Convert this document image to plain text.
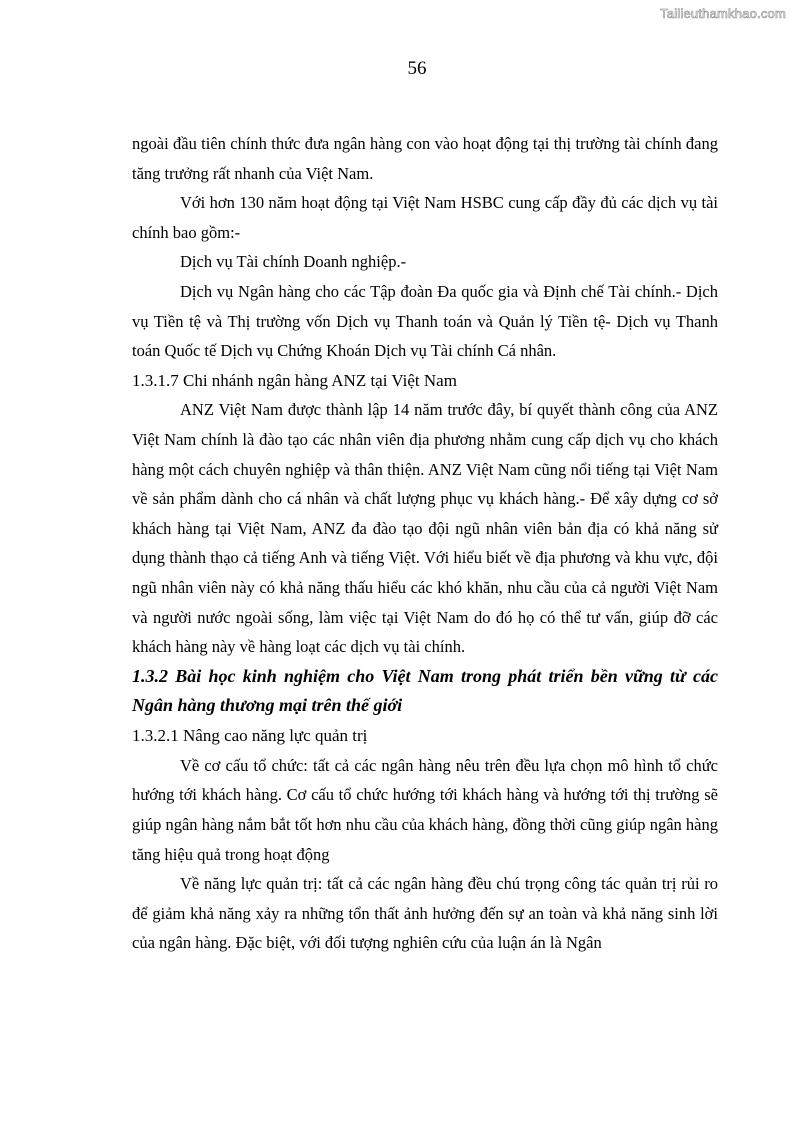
Tailieuthamkhao.com
56

ngoài đầu tiên chính thức đưa ngân hàng con vào hoạt động tại thị trường tài chính đang tăng trưởng rất nhanh của Việt Nam.

Với hơn 130 năm hoạt động tại Việt Nam HSBC cung cấp đầy đủ các dịch vụ tài chính bao gồm:-

Dịch vụ Tài chính Doanh nghiệp.-

Dịch vụ Ngân hàng cho các Tập đoàn Đa quốc gia và Định chế Tài chính.- Dịch vụ Tiền tệ và Thị trường vốn Dịch vụ Thanh toán và Quản lý Tiền tệ- Dịch vụ Thanh toán Quốc tế Dịch vụ Chứng Khoán Dịch vụ Tài chính Cá nhân.

1.3.1.7 Chi nhánh ngân hàng ANZ tại Việt Nam

ANZ Việt Nam được thành lập 14 năm trước đây, bí quyết thành công của ANZ Việt Nam chính là đào tạo các nhân viên địa phương nhằm cung cấp dịch vụ cho khách hàng một cách chuyên nghiệp và thân thiện. ANZ Việt Nam cũng nổi tiếng tại Việt Nam về sản phẩm dành cho cá nhân và chất lượng phục vụ khách hàng.- Để xây dựng cơ sở khách hàng tại Việt Nam, ANZ đa đào tạo đội ngũ nhân viên bản địa có khả năng sử dụng thành thạo cả tiếng Anh và tiếng Việt. Với hiểu biết về địa phương và khu vực, đội ngũ nhân viên này có khả năng thấu hiểu các khó khăn, nhu cầu của cả người Việt Nam và người nước ngoài sống, làm việc tại Việt Nam do đó họ có thể tư vấn, giúp đỡ các khách hàng này về hàng loạt các dịch vụ tài chính.

1.3.2 Bài học kinh nghiệm cho Việt Nam trong phát triển bền vững từ các Ngân hàng thương mại trên thế giới

1.3.2.1 Nâng cao năng lực quản trị

Về cơ cấu tổ chức: tất cả các ngân hàng nêu trên đều lựa chọn mô hình tổ chức hướng tới khách hàng. Cơ cấu tổ chức hướng tới khách hàng và hướng tới thị trường sẽ giúp ngân hàng nắm bắt tốt hơn nhu cầu của khách hàng, đồng thời cũng giúp ngân hàng tăng hiệu quả trong hoạt động

Về năng lực quản trị: tất cả các ngân hàng đều chú trọng công tác quản trị rủi ro để giảm khả năng xảy ra những tổn thất ảnh hưởng đến sự an toàn và khả năng sinh lời của ngân hàng. Đặc biệt, với đối tượng nghiên cứu của luận án là Ngân
